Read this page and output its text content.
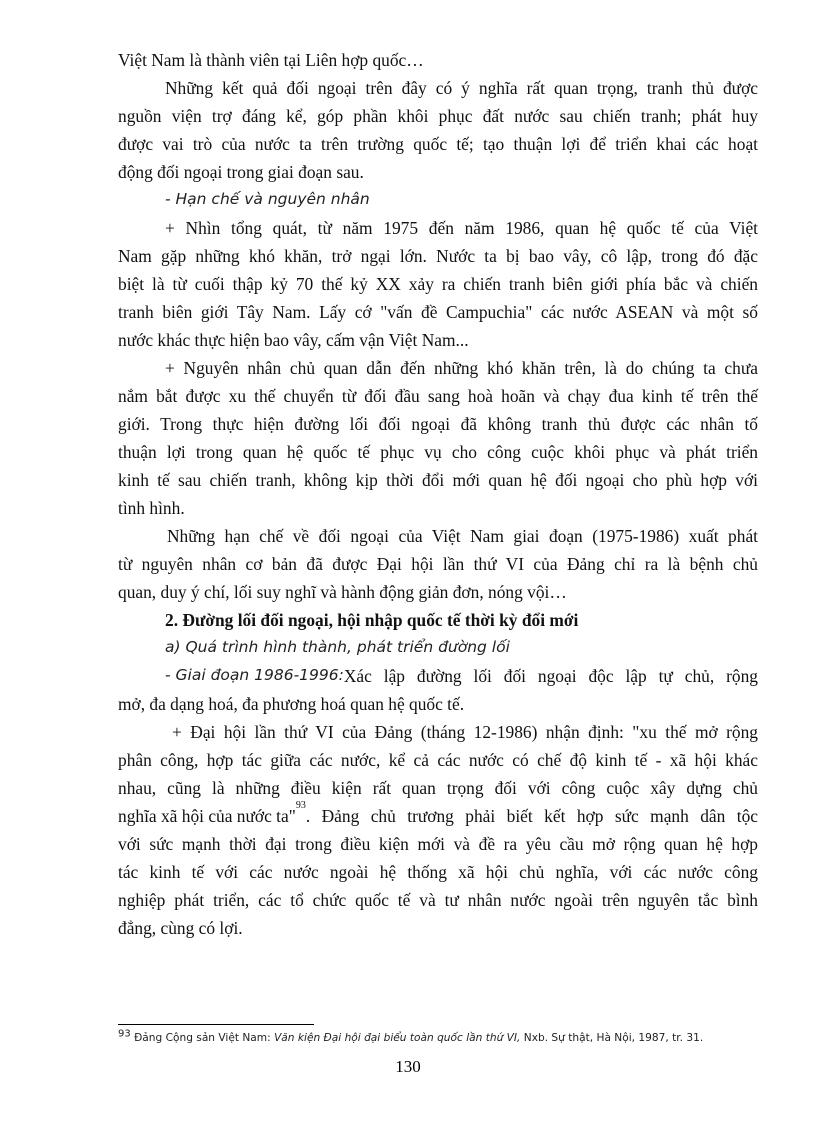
Việt Nam là thành viên tại Liên hợp quốc…
Những kết quả đối ngoại trên đây có ý nghĩa rất quan trọng, tranh thủ được
nguồn viện trợ đáng kể, góp phần khôi phục đất nước sau chiến tranh; phát huy
được vai trò của nước ta trên trường quốc tế; tạo thuận lợi để triển khai các hoạt
động đối ngoại trong giai đoạn sau.
- Hạn chế và nguyên nhân
+ Nhìn tổng quát, từ năm 1975 đến năm 1986, quan hệ quốc tế của Việt
Nam gặp những khó khăn, trở ngại lớn. Nước ta bị bao vây, cô lập, trong đó đặc
biệt là từ cuối thập kỷ 70 thế kỷ XX xảy ra chiến tranh biên giới phía bắc và chiến
tranh biên giới Tây Nam. Lấy cớ "vấn đề Campuchia" các nước ASEAN và một số
nước khác thực hiện bao vây, cấm vận Việt Nam...
+ Nguyên nhân chủ quan dẫn đến những khó khăn trên, là do chúng ta chưa
nắm bắt được xu thế chuyển từ đối đầu sang hoà hoãn và chạy đua kinh tế trên thế
giới. Trong thực hiện đường lối đối ngoại đã không tranh thủ được các nhân tố
thuận lợi trong quan hệ quốc tế phục vụ cho công cuộc khôi phục và phát triển
kinh tế sau chiến tranh, không kịp thời đổi mới quan hệ đối ngoại cho phù hợp với
tình hình.
Những hạn chế về đối ngoại của Việt Nam giai đoạn (1975-1986) xuất phát
từ nguyên nhân cơ bản đã được Đại hội lần thứ VI của Đảng chỉ ra là bệnh chủ
quan, duy ý chí, lối suy nghĩ và hành động giản đơn, nóng vội…
2. Đường lối đối ngoại, hội nhập quốc tế thời kỳ đổi mới
a) Quá trình hình thành, phát triển đường lối
- Giai đoạn 1986-1996: Xác lập đường lối đối ngoại độc lập tự chủ, rộng
mở, đa dạng hoá, đa phương hoá quan hệ quốc tế.
+ Đại hội lần thứ VI của Đảng (tháng 12-1986) nhận định: "xu thế mở rộng
phân công, hợp tác giữa các nước, kể cả các nước có chế độ kinh tế - xã hội khác
nhau, cũng là những điều kiện rất quan trọng đối với công cuộc xây dựng chủ
nghĩa xã hội của nước ta"
93
. Đảng chủ trương phải biết kết hợp sức mạnh dân tộc
với sức mạnh thời đại trong điều kiện mới và đề ra yêu cầu mở rộng quan hệ hợp
tác kinh tế với các nước ngoài hệ thống xã hội chủ nghĩa, với các nước công
nghiệp phát triển, các tổ chức quốc tế và tư nhân nước ngoài trên nguyên tắc bình
đẳng, cùng có lợi.
$^{93}$ Đảng Cộng sản Việt Nam: Văn kiện Đại hội đại biểu toàn quốc lần thứ VI, Nxb. Sự thật, Hà Nội, 1987, tr. 31.
130
